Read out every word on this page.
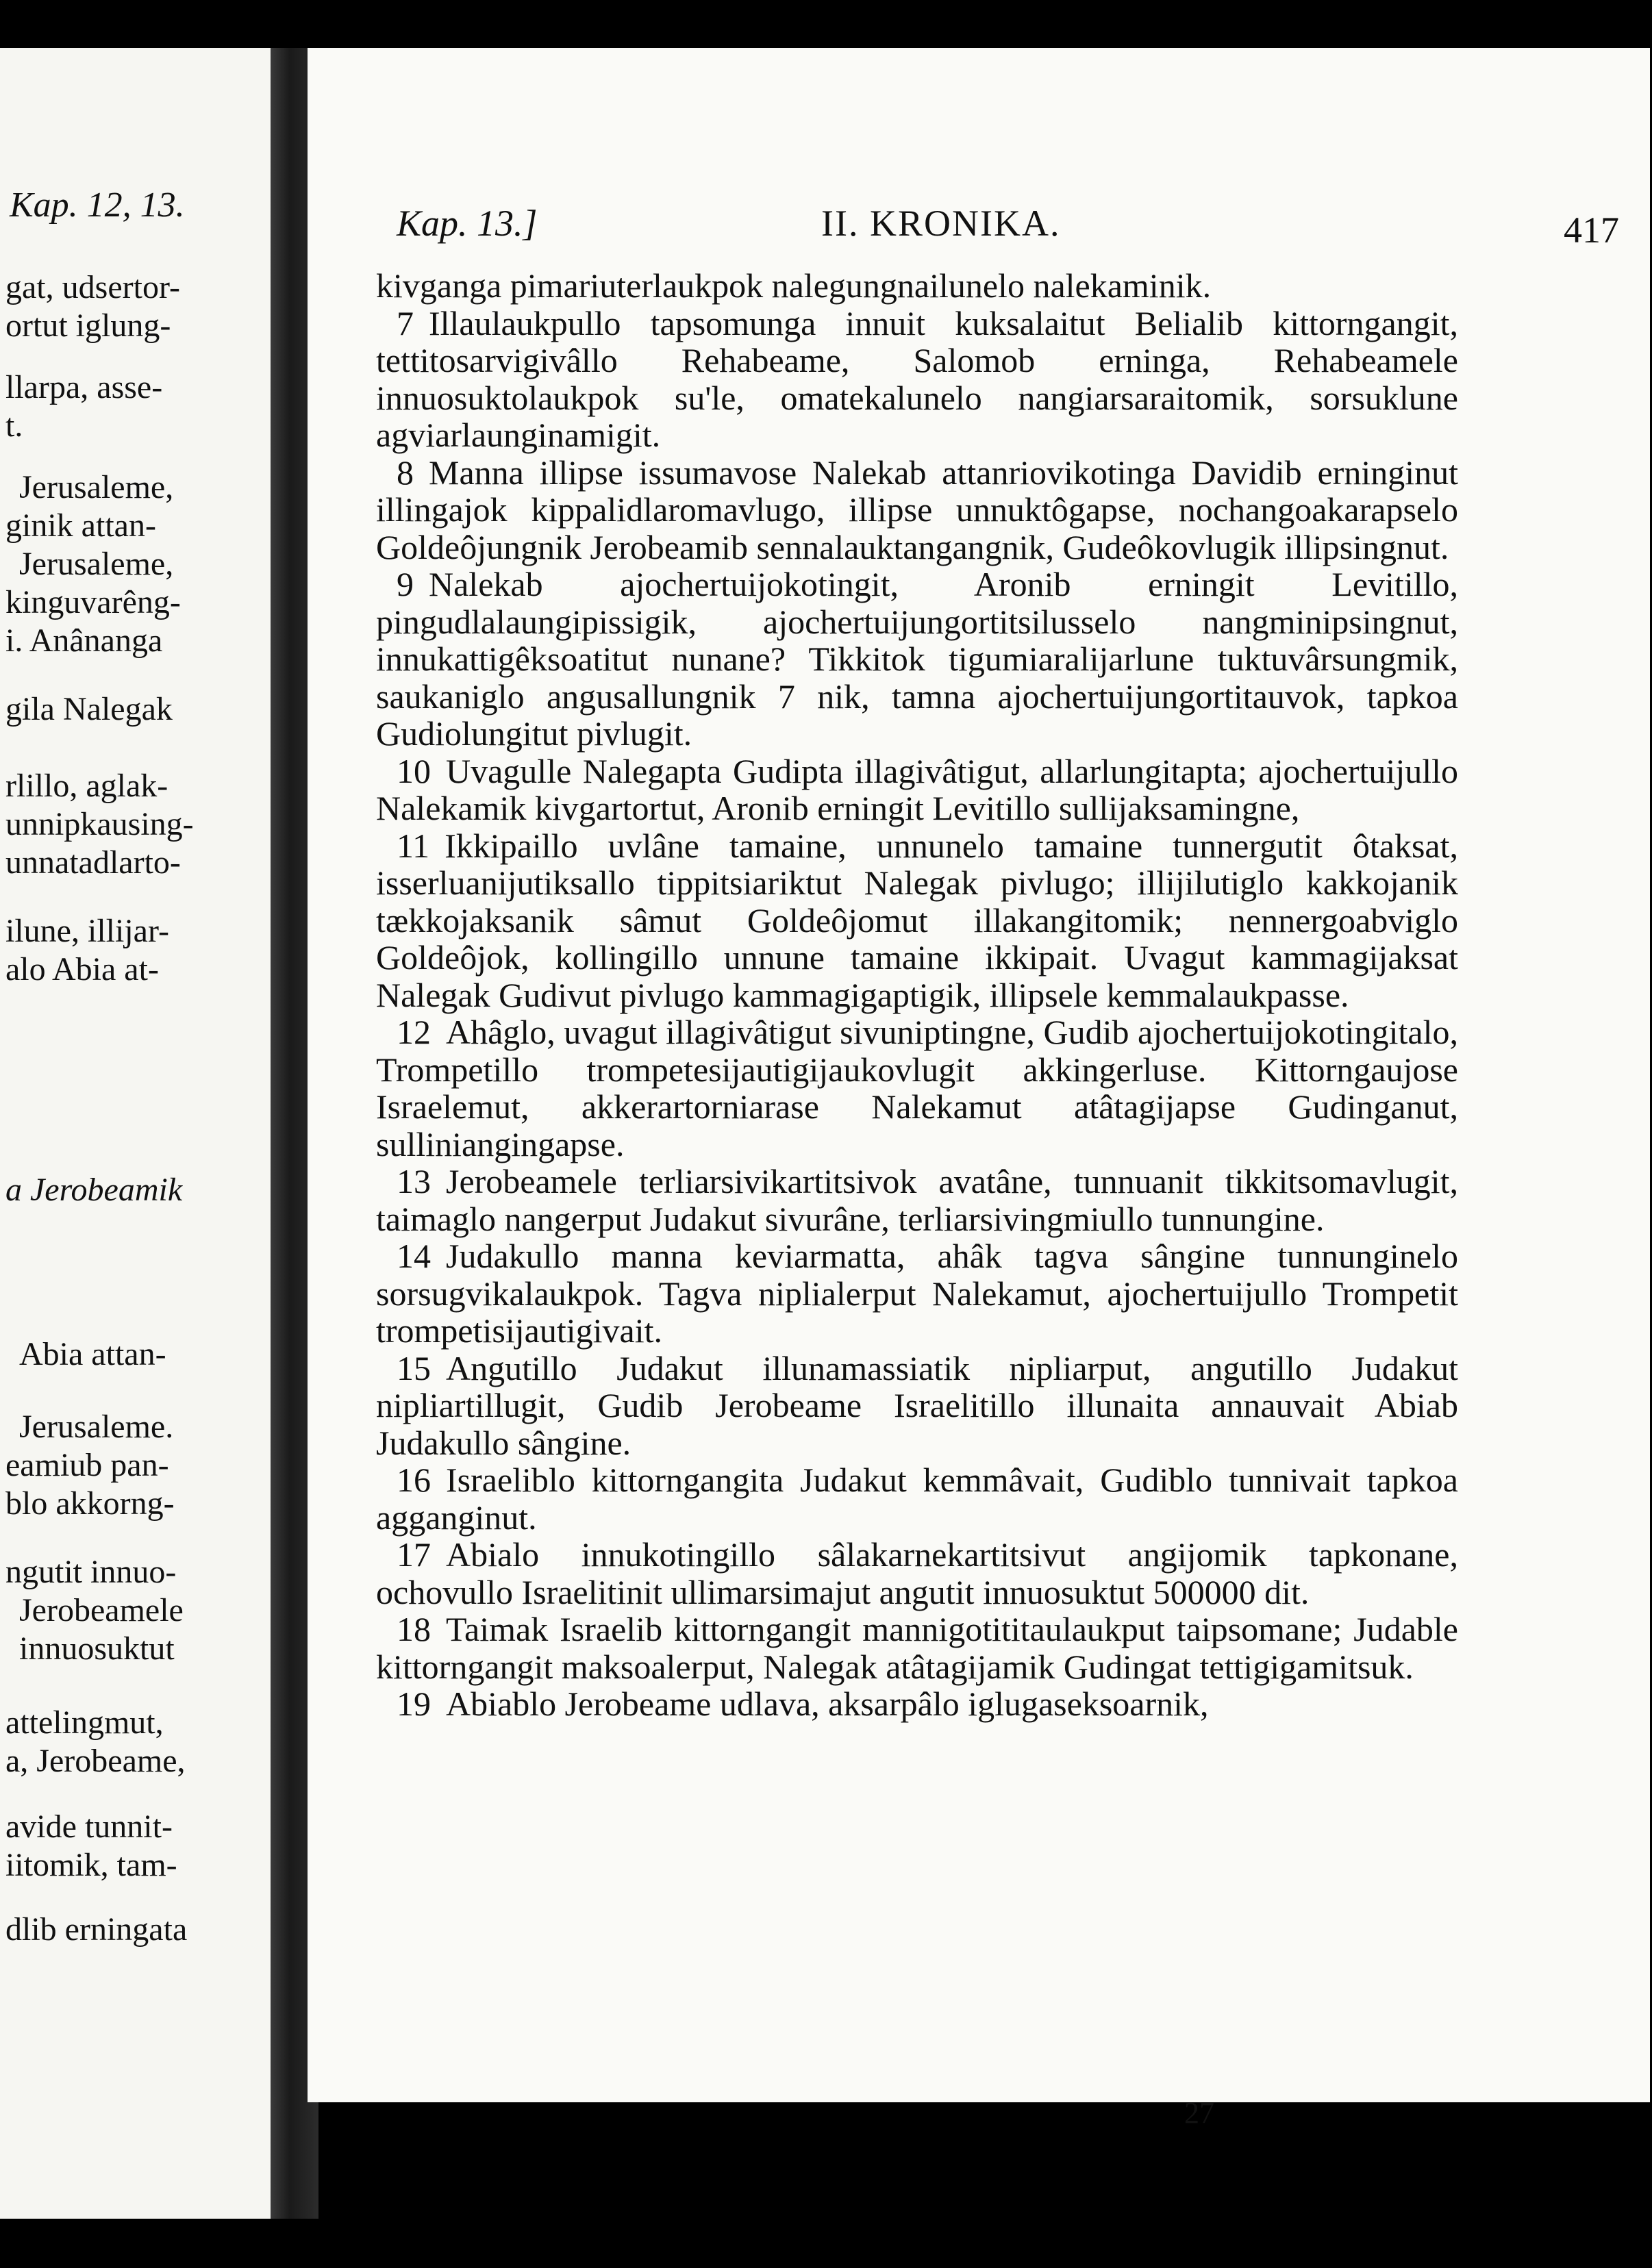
Kap. 12, 13.
gat, udsertor-
ortut iglung-
llarpa, asse-
t.
Jerusaleme,
ginik attan-
Jerusaleme,
kinguvarêng-
i. Anânanga
gila Nalegak
rlillo, aglak-
unnipkausing-
unnatadlarto-
ilune, illijar-
alo Abia at-
a Jerobeamik
Abia attan-
Jerusaleme.
eamiub pan-
blo akkorng-
ngutit innuo-
Jerobeamele
innuosuktut
attelingmut,
a, Jerobeame,
avide tunnit-
iitomik, tam-
dlib erningata
Kap. 13.]	II. KRONIKA.	417

kivganga pimariuterlaukpok nalegungnailunelo nalekaminik.

7 Illaulaukpullo tapsomunga innuit kuksalaitut Belialib kittorngangit, tettitosarvigivâllo Rehabeame, Salomob erninga, Rehabeamele innuosuktolaukpok su'le, omatekalunelo nangiarsaraitomik, sorsuklune agviarlaunginamigit.

8 Manna illipse issumavose Nalekab attanriovikotinga Davidib erninginut illingajok kippalidlaromavlugo, illipse unnuktôgapse, nochangoakarapselo Goldeôjungnik Jerobeamib sennalauktangangnik, Gudeôkovlugik illipsingnut.

9 Nalekab ajochertuijokotingit, Aronib erningit Levitillo, pingudlalaungipissigik, ajochertuijungortitsilusselo nangminipsingnut, innukattigêksoatitut nunane? Tikkitok tigumiaralijarlune tuktuvârsungmik, saukaniglo angusallungnik 7 nik, tamna ajochertuijungortitauvok, tapkoa Gudiolungitut pivlugit.

10 Uvagulle Nalegapta Gudipta illagivâtigut, allarlungitapta; ajochertuijullo Nalekamik kivgartortut, Aronib erningit Levitillo sullijaksamingne,

11 Ikkipaillo uvlâne tamaine, unnunelo tamaine tunnergutit ôtaksat, isserluanijutiksallo tippitsiariktut Nalegak pivlugo; illijilutiglo kakkojanik tækkojaksanik sâmut Goldeôjomut illakangitomik; nennergoabviglo Goldeôjok, kollingillo unnune tamaine ikkipait. Uvagut kammagijaksat Nalegak Gudivut pivlugo kammagigaptigik, illipsele kemmalaukpasse.

12 Ahâglo, uvagut illagivâtigut sivuniptingne, Gudib ajochertuijokotingitalo, Trompetillo trompetesijautigijaukovlugit akkingerluse. Kittorngaujose Israelemut, akkerartorniarase Nalekamut atâtagijapse Gudinganut, sulliniangingapse.

13 Jerobeamele terliarsivikartitsivok avatâne, tunnuanit tikkitsomavlugit, taimaglo nangerput Judakut sivurâne, terliarsivingmiullo tunnungine.

14 Judakullo manna keviarmatta, ahâk tagva sângine tunnunginelo sorsugvikalaukpok. Tagva niplialerput Nalekamut, ajochertuijullo Trompetit trompetisijautigivait.

15 Angutillo Judakut illunamassiatik nipliarput, angutillo Judakut nipliartillugit, Gudib Jerobeame Israelitillo illunaita annauvait Abiab Judakullo sângine.

16 Israeliblo kittorngangita Judakut kemmâvait, Gudiblo tunnivait tapkoa agganginut.

17 Abialo innukotingillo sâlakarnekartitsivut angijomik tapkonane, ochovullo Israelitinit ullimarsimajut angutit innuosuktut 500000 dit.

18 Taimak Israelib kittorngangit mannigotititaulaukput taipsomane; Judable kittorngangit maksoalerput, Nalegak atâtagijamik Gudingat tettigigamitsuk.

19 Abiablo Jerobeame udlava, aksarpâlo iglugaseksoarnik,

27
